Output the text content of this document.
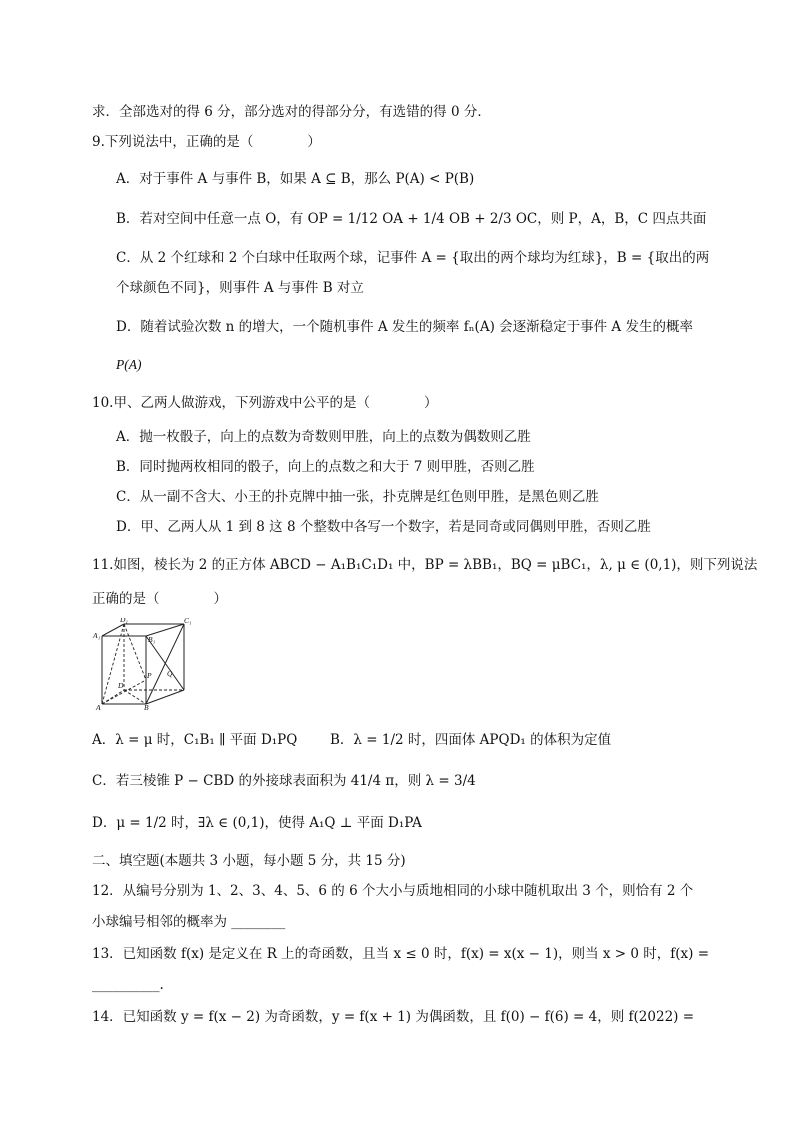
求．全部选对的得 6 分，部分选对的得部分分，有选错的得 0 分．
9.下列说法中，正确的是（　　　　）
A．对于事件 A 与事件 B，如果 A ⊆ B，那么 P(A) < P(B)
B．若对空间中任意一点 O，有 OP = 1/12 OA + 1/4 OB + 2/3 OC，则 P，A，B，C 四点共面
C．从 2 个红球和 2 个白球中任取两个球，记事件 A = {取出的两个球均为红球}，B = {取出的两
个球颜色不同}，则事件 A 与事件 B 对立
D．随着试验次数 n 的增大，一个随机事件 A 发生的频率 fₙ(A) 会逐渐稳定于事件 A 发生的概率
P(A)
10.甲、乙两人做游戏，下列游戏中公平的是（　　　　）
A．抛一枚骰子，向上的点数为奇数则甲胜，向上的点数为偶数则乙胜
B．同时抛两枚相同的骰子，向上的点数之和大于 7 则甲胜，否则乙胜
C．从一副不含大、小王的扑克牌中抽一张，扑克牌是红色则甲胜，是黑色则乙胜
D．甲、乙两人从 1 到 8 这 8 个整数中各写一个数字，若是同奇或同偶则甲胜，否则乙胜
11.如图，棱长为 2 的正方体 ABCD − A₁B₁C₁D₁ 中，BP = λBB₁，BQ = μBC₁，λ, μ ∈ (0,1)，则下列说法
正确的是（　　　　）
D₁	C₁
A₁	B₁
D
P Q
A	B
A．λ = μ 时，C₁B₁ ∥ 平面 D₁PQ B．λ = 1/2 时，四面体 APQD₁ 的体积为定值
C．若三棱锥 P − CBD 的外接球表面积为 41/4 π，则 λ = 3/4
D．μ = 1/2 时，∃λ ∈ (0,1)，使得 A₁Q ⊥ 平面 D₁PA
二、填空题(本题共 3 小题，每小题 5 分，共 15 分)
12．从编号分别为 1、2、3、4、5、6 的 6 个大小与质地相同的小球中随机取出 3 个，则恰有 2 个
小球编号相邻的概率为 ________
13．已知函数 f(x) 是定义在 R 上的奇函数，且当 x ≤ 0 时，f(x) = x(x − 1)，则当 x > 0 时，f(x) =
__________.
14．已知函数 y = f(x − 2) 为奇函数，y = f(x + 1) 为偶函数，且 f(0) − f(6) = 4，则 f(2022) =
